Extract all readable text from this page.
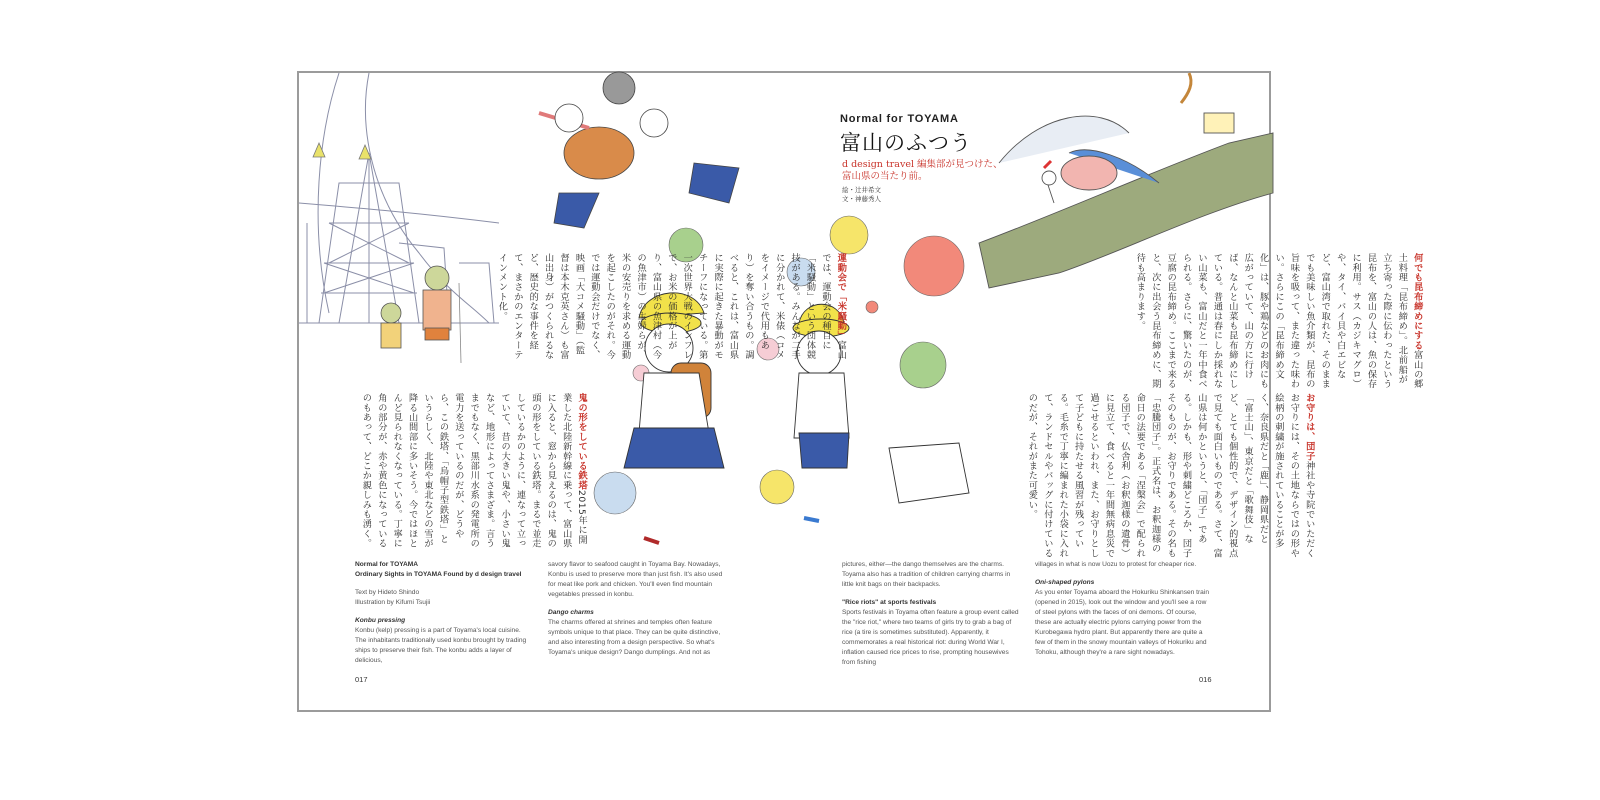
Normal for TOYAMA
富山のふつう
d design travel 編集部が見つけた、
富山県の当たり前。
絵・辻井希文
文・神藤秀人
何でも昆布締めにする富山の郷土料理「昆布締め」。北前船が立ち寄った際に伝わったという昆布を、富山の人は、魚の保存に利用。サス（カジキマグロ）や、タイ、バイ貝や白エビなど、富山湾で取れた、そのままでも美味しい魚介類が、昆布の旨味を吸って、また違った味わい。さらにこの「昆布締め文化」は、豚や鶏などのお肉にも広がっていて、山の方に行けば、なんと山菜も昆布締めにしている。普通は春にしか採れない山菜も、富山だと一年中食べられる。さらに、驚いたのが、豆腐の昆布締め。ここまで来ると、次に出会う昆布締めに、期待も高まります。
お守りは、団子神社や寺院でいただくお守りには、その土地ならではの形や絵柄の刺繍が施されていることが多く、奈良県だと「鹿」、静岡県だと「富士山」、東京だと「歌舞伎」など、とても個性的で、デザイン的視点で見ても面白いものである。さて、富山県は何かというと、「団子」である。しかも、形や刺繍どころか、団子そのものが、お守りである。その名も「忠騰団子」。正式名は、お釈迦様の命日の法要である「涅槃会」で配られる団子で、仏舎利（お釈迦様の遺骨）に見立て、食べると一年間無病息災で過ごせるといわれ、また、お守りとして子どもに持たせる風習が残っている。毛糸で丁寧に編まれた小袋に入れて、ランドセルやバッグに付けているのだが、それがまた可愛い。
運動会で「米騒動」富山では、運動会の種目に「米騒動」という団体競技がある。みんなが二手に分かれて、米俵（コメをイメージで代用もあり）を奪い合うもの。調べると、これは、富山県に実際に起きた暴動がモチーフになっている。第一次世界大戦のインフレで、お米の価格が上がり、富山県の魚津村（今の魚津市）の主婦らが、米の安売りを求める運動を起こしたのがそれ。今では運動会だけでなく、映画「大コメ騒動」（監督は本木克英さん）も富山出身）がつくられるなど、歴史的な事件を経て、まさかのエンターテインメント化。
鬼の形をしている鉄塔2015年に開業した北陸新幹線に乗って、富山県に入ると、窓から見えるのは、鬼の頭の形をしている鉄塔。まるで並走しているかのように、連なって立っていて、昔の大きい鬼や、小さい鬼など、地形によってさまざま。言うまでもなく、黒部川水系の発電所の電力を送っているのだが、どうやら、この鉄塔、「烏帽子型鉄塔」というらしく、北陸や東北などの雪が降る山間部に多いそう。今ではほとんど見られなくなっている。丁寧に角の部分が、赤や黄色になっているのもあって、どこか親しみも湧く。

Normal for TOYAMA

Ordinary Sights in TOYAMA Found by d design travel

Text by Hideto Shindo

Illustration by Kifumi Tsujii

Konbu pressing

Konbu (kelp) pressing is a part of Toyama's local cuisine. The inhabitants traditionally used konbu brought by trading ships to preserve their fish. The konbu adds a layer of delicious,

savory flavor to seafood caught in Toyama Bay. Nowadays, Konbu is used to preserve more than just fish. It's also used for meat like pork and chicken. You'll even find mountain vegetables pressed in konbu.

Dango charms

The charms offered at shrines and temples often feature symbols unique to that place. They can be quite distinctive, and also interesting from a design perspective. So what's Toyama's unique design? Dango dumplings. And not as

pictures, either—the dango themselves are the charms. Toyama also has a tradition of children carrying charms in little knit bags on their backpacks.

"Rice riots" at sports festivals

Sports festivals in Toyama often feature a group event called the "rice riot," where two teams of girls try to grab a bag of rice (a tire is sometimes substituted). Apparently, it commemorates a real historical riot: during World War I, inflation caused rice prices to rise, prompting housewives from fishing

villages in what is now Uozu to protest for cheaper rice.

Oni-shaped pylons

As you enter Toyama aboard the Hokuriku Shinkansen train (opened in 2015), look out the window and you'll see a row of steel pylons with the faces of oni demons. Of course, these are actually electric pylons carrying power from the Kurobegawa hydro plant. But apparently there are quite a few of them in the snowy mountain valleys of Hokuriku and Tohoku, although they're a rare sight nowadays.

017	016
